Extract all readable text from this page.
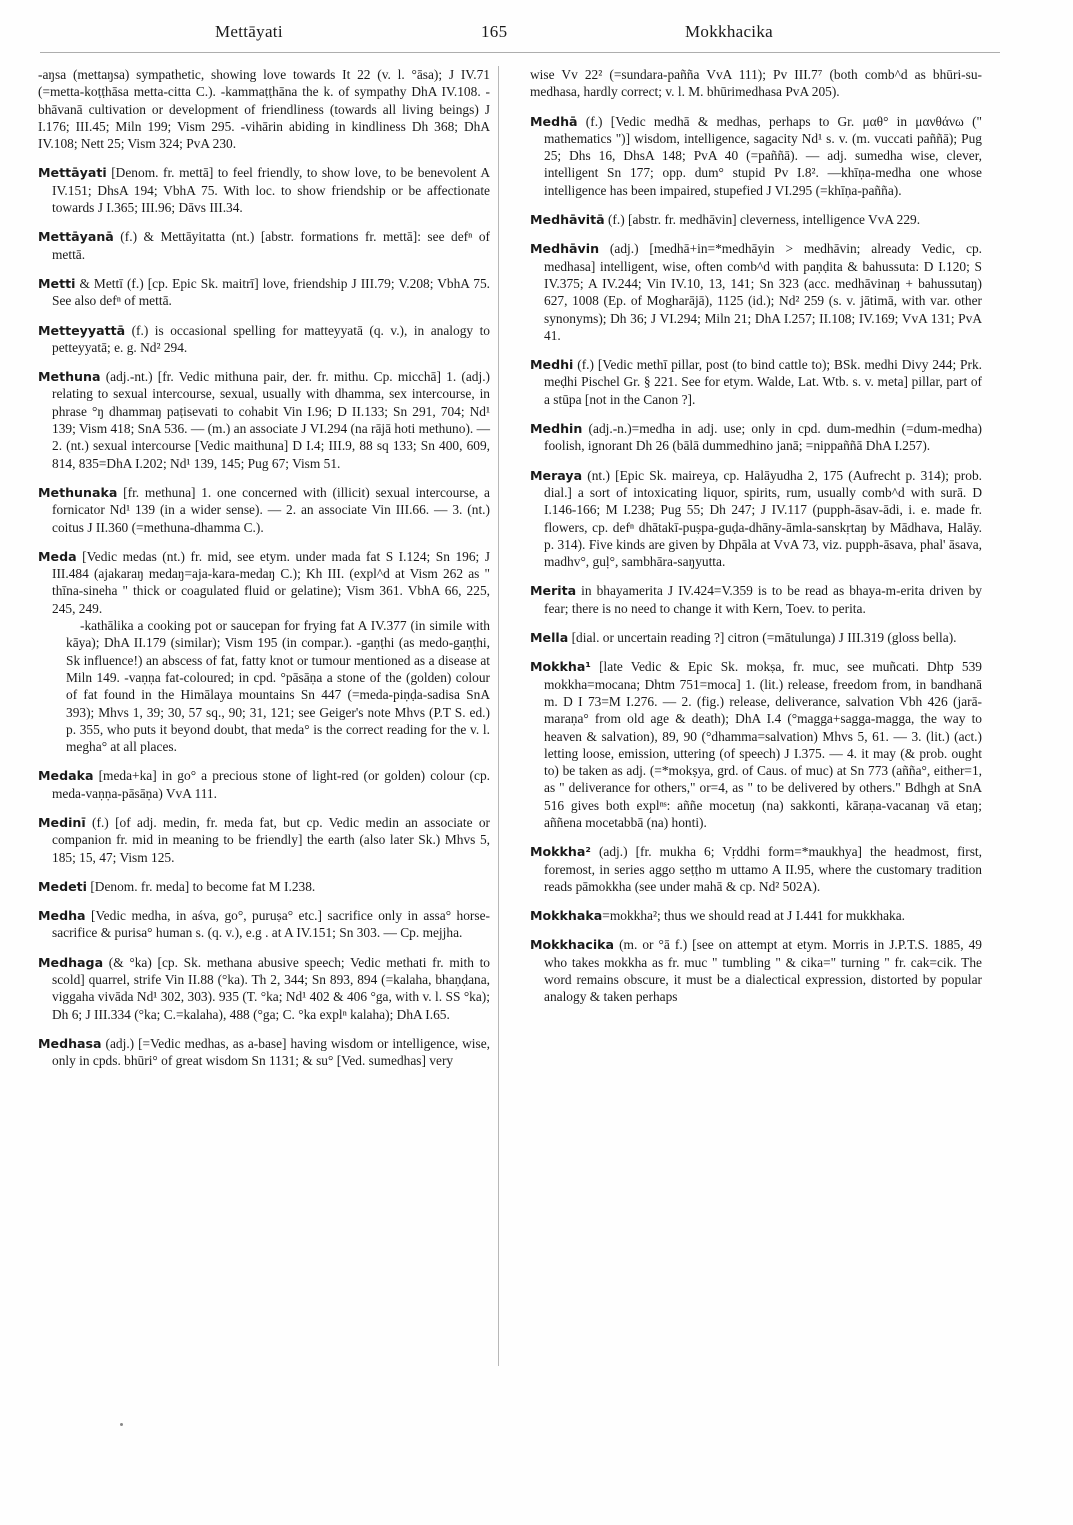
Mettāyati	165	Mokkhacika
-aŋsa (mettaŋsa) sympathetic, showing love towards It 22 (v. l. °āsa); J IV.71 (=metta-koṭṭhāsa metta-citta C.). -kammaṭṭhāna the k. of sympathy DhA IV.108. -bhāvanā cultivation or development of friendliness (towards all living beings) J I.176; III.45; Miln 199; Vism 295. -vihārin abiding in kindliness Dh 368; DhA IV.108; Nett 25; Vism 324; PvA 230.
Mettāyati [Denom. fr. mettā] to feel friendly, to show love, to be benevolent A IV.151; DhsA 194; VbhA 75. With loc. to show friendship or be affectionate towards J I.365; III.96; Dāvs III.34.
Mettāyanā (f.) & Mettāyitatta (nt.) [abstr. formations fr. mettā]: see defⁿ of mettā.
Metti & Mettī (f.) [cp. Epic Sk. maitrī] love, friendship J III.79; V.208; VbhA 75. See also defⁿ of mettā.
Metteyyattā (f.) is occasional spelling for matteyyatā (q. v.), in analogy to petteyyatā; e. g. Nd² 294.
Methuna (adj.-nt.) [fr. Vedic mithuna pair, der. fr. mithu. Cp. micchā] 1. (adj.) relating to sexual intercourse, sexual, usually with dhamma, sex intercourse, in phrase °ŋ dhammaŋ paṭisevati to cohabit Vin I.96; D II.133; Sn 291, 704; Nd¹ 139; Vism 418; SnA 536. — (m.) an associate J VI.294 (na rājā hoti methuno). — 2. (nt.) sexual intercourse [Vedic maithuna] D I.4; III.9, 88 sq 133; Sn 400, 609, 814, 835=DhA I.202; Nd¹ 139, 145; Pug 67; Vism 51.
Methunaka [fr. methuna] 1. one concerned with (illicit) sexual intercourse, a fornicator Nd¹ 139 (in a wider sense). — 2. an associate Vin III.66. — 3. (nt.) coitus J II.360 (=methuna-dhamma C.).
Meda [Vedic medas (nt.) fr. mid, see etym. under mada fat S I.124; Sn 196; J III.484 (ajakaraŋ medaŋ=aja-kara-medaŋ C.); Kh III. (expl^d at Vism 262 as " thīna-sineha " thick or coagulated fluid or gelatine); Vism 361. VbhA 66, 225, 245, 249.
-kathālika a cooking pot or saucepan for frying fat A IV.377 (in simile with kāya); DhA II.179 (similar); Vism 195 (in compar.). -gaṇṭhi (as medo-gaṇṭhi, Sk influence!) an abscess of fat, fatty knot or tumour mentioned as a disease at Miln 149. -vaṇṇa fat-coloured; in cpd. °pāsāṇa a stone of the (golden) colour of fat found in the Himālaya mountains Sn 447 (=meda-piṇḍa-sadisa SnA 393); Mhvs 1, 39; 30, 57 sq., 90; 31, 121; see Geiger's note Mhvs (P.T S. ed.) p. 355, who puts it beyond doubt, that meda° is the correct reading for the v. l. megha° at all places.
Medaka [meda+ka] in go° a precious stone of light-red (or golden) colour (cp. meda-vaṇṇa-pāsāṇa) VvA 111.
Medinī (f.) [of adj. medin, fr. meda fat, but cp. Vedic medin an associate or companion fr. mid in meaning to be friendly] the earth (also later Sk.) Mhvs 5, 185; 15, 47; Vism 125.
Medeti [Denom. fr. meda] to become fat M I.238.
Medha [Vedic medha, in aśva, go°, puruṣa° etc.] sacrifice only in assa° horse-sacrifice & purisa° human s. (q. v.), e.g . at A IV.151; Sn 303. — Cp. mejjha.
Medhaga (& °ka) [cp. Sk. methana abusive speech; Vedic methati fr. mith to scold] quarrel, strife Vin II.88 (°ka). Th 2, 344; Sn 893, 894 (=kalaha, bhaṇḍana, viggaha vivāda Nd¹ 302, 303). 935 (T. °ka; Nd¹ 402 & 406 °ga, with v. l. SS °ka); Dh 6; J III.334 (°ka; C.=kalaha), 488 (°ga; C. °ka explⁿ kalaha); DhA I.65.
Medhasa (adj.) [=Vedic medhas, as a-base] having wisdom or intelligence, wise, only in cpds. bhūri° of great wisdom Sn 1131; & su° [Ved. sumedhas] very
wise Vv 22² (=sundara-pañña VvA 111); Pv III.7⁷ (both comb^d as bhūri-su-medhasa, hardly correct; v. l. M. bhūrimedhasa PvA 205).
Medhā (f.) [Vedic medhā & medhas, perhaps to Gr. μαθ° in μανθάνω (" mathematics ")] wisdom, intelligence, sagacity Nd¹ s. v. (m. vuccati paññā); Pug 25; Dhs 16, DhsA 148; PvA 40 (=paññā). — adj. sumedha wise, clever, intelligent Sn 177; opp. dum° stupid Pv I.8². —khīṇa-medha one whose intelligence has been impaired, stupefied J VI.295 (=khīṇa-pañña).
Medhāvitā (f.) [abstr. fr. medhāvin] cleverness, intelligence VvA 229.
Medhāvin (adj.) [medhā+in=*medhāyin > medhāvin; already Vedic, cp. medhasa] intelligent, wise, often comb^d with paṇḍita & bahussuta: D I.120; S IV.375; A IV.244; Vin IV.10, 13, 141; Sn 323 (acc. medhāvinaŋ + bahussutaŋ) 627, 1008 (Ep. of Mogharājā), 1125 (id.); Nd² 259 (s. v. jātimā, with var. other synonyms); Dh 36; J VI.294; Miln 21; DhA I.257; II.108; IV.169; VvA 131; PvA 41.
Medhi (f.) [Vedic methī pillar, post (to bind cattle to); BSk. medhi Divy 244; Prk. meḍhi Pischel Gr. § 221. See for etym. Walde, Lat. Wtb. s. v. meta] pillar, part of a stūpa [not in the Canon ?].
Medhin (adj.-n.)=medha in adj. use; only in cpd. dum-medhin (=dum-medha) foolish, ignorant Dh 26 (bālā dummedhino janā; =nippaññā DhA I.257).
Meraya (nt.) [Epic Sk. maireya, cp. Halāyudha 2, 175 (Aufrecht p. 314); prob. dial.] a sort of intoxicating liquor, spirits, rum, usually comb^d with surā. D I.146-166; M I.238; Pug 55; Dh 247; J IV.117 (pupph-āsav-ādi, i. e. made fr. flowers, cp. defⁿ dhātakī-puṣpa-guḍa-dhāny-āmla-sanskṛtaŋ by Mādhava, Halāy. p. 314). Five kinds are given by Dhpāla at VvA 73, viz. pupph-āsava, phal' āsava, madhv°, guḷ°, sambhāra-saŋyutta.
Merita in bhayamerita J IV.424=V.359 is to be read as bhaya-m-erita driven by fear; there is no need to change it with Kern, Toev. to perita.
Mella [dial. or uncertain reading ?] citron (=mātulunga) J III.319 (gloss bella).
Mokkha¹ [late Vedic & Epic Sk. mokṣa, fr. muc, see muñcati. Dhtp 539 mokkha=mocana; Dhtm 751=moca] 1. (lit.) release, freedom from, in bandhanā m. D I 73=M I.276. — 2. (fig.) release, deliverance, salvation Vbh 426 (jarā-maraṇa° from old age & death); DhA I.4 (°magga+sagga-magga, the way to heaven & salvation), 89, 90 (°dhamma=salvation) Mhvs 5, 61. — 3. (lit.) (act.) letting loose, emission, uttering (of speech) J I.375. — 4. it may (& prob. ought to) be taken as adj. (=*mokṣya, grd. of Caus. of muc) at Sn 773 (añña°, either=1, as " deliverance for others," or=4, as " to be delivered by others." Bdhgh at SnA 516 gives both explⁿˢ: aññe mocetuŋ (na) sakkonti, kāraṇa-vacanaŋ vā etaŋ; aññena mocetabbā (na) honti).
Mokkha² (adj.) [fr. mukha 6; Vṛddhi form=*maukhya] the headmost, first, foremost, in series aggo seṭṭho m uttamo A II.95, where the customary tradition reads pāmokkha (see under mahā & cp. Nd² 502A).
Mokkhaka=mokkha²; thus we should read at J I.441 for mukkhaka.
Mokkhacika (m. or °ā f.) [see on attempt at etym. Morris in J.P.T.S. 1885, 49 who takes mokkha as fr. muc " tumbling " & cika=" turning " fr. cak=cik. The word remains obscure, it must be a dialectical expression, distorted by popular analogy & taken perhaps
